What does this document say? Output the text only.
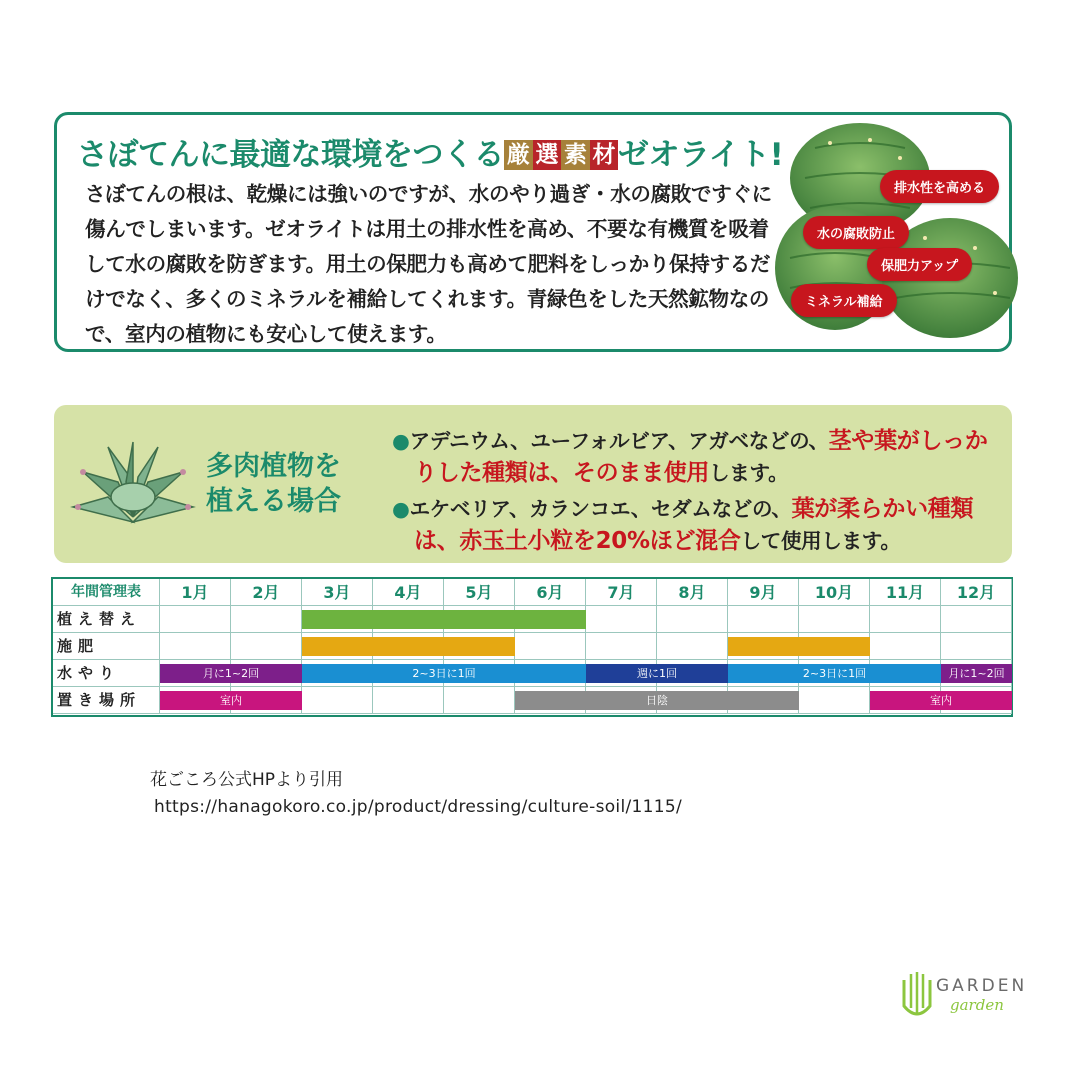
さぼてんに最適な環境をつくる 厳 選 素 材ゼオライト!
さぼてんの根は、乾燥には強いのですが、水のやり過ぎ・水の腐敗ですぐに傷んでしまいます。ゼオライトは用土の排水性を高め、不要な有機質を吸着して水の腐敗を防ぎます。用土の保肥力も高めて肥料をしっかり保持するだけでなく、多くのミネラルを補給してくれます。青緑色をした天然鉱物なので、室内の植物にも安心して使えます。
排水性を高める
水の腐敗防止
保肥力アップ
ミネラル補給
多肉植物を
植える場合
●アデニウム、ユーフォルビア、アガベなどの、茎や葉がしっかりした種類は、そのまま使用します。
●エケベリア、カランコエ、セダムなどの、葉が柔らかい種類は、赤玉土小粒を20%ほど混合して使用します。
年間管理表	1月	2月	3月	4月	5月	6月	7月	8月	9月	10月	11月	12月
植え替え
施肥
水やり	月に1~2回	2~3日に1回	週に1回	2~3日に1回	月に1~2回
置き場所	室内	日陰	室内
花ごころ公式HPより引用
https://hanagokoro.co.jp/product/dressing/culture-soil/1115/
GARDEN
garden
